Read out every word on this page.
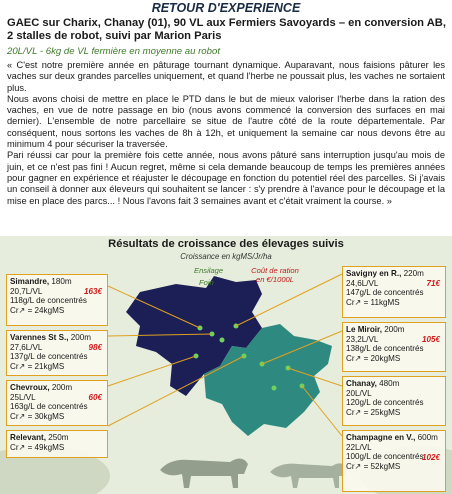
RETOUR D'EXPERIENCE
GAEC sur Charix, Chanay (01), 90 VL aux Fermiers Savoyards – en conversion AB, 2 stalles de robot, suivi par Marion Paris
20L/VL - 6kg de VL fermière en moyenne au robot

« C'est notre première année en pâturage tournant dynamique. Auparavant, nous faisions pâturer les vaches sur deux grandes parcelles uniquement, et quand l'herbe ne poussait plus, les vaches ne sortaient plus.

Nous avons choisi de mettre en place le PTD dans le but de mieux valoriser l'herbe dans la ration des vaches, en vue de notre passage en bio (nous avons commencé la conversion des surfaces en mai dernier). L'ensemble de notre parcellaire se situe de l'autre côté de la route départementale. Par conséquent, nous sortons les vaches de 8h à 12h, et uniquement la semaine car nous devons être au minimum 4 pour sécuriser la traversée.

Pari réussi car pour la première fois cette année, nous avons pâturé sans interruption jusqu'au mois de juin, et ce n'est pas fini ! Aucun regret, même si cela demande beaucoup de temps les premières années pour gagner en expérience et réajuster le découpage en fonction du potentiel réel des parcelles. Si j'avais un conseil à donner aux éleveurs qui souhaitent se lancer : s'y prendre à l'avance pour le découpage et la mise en place des parcs... ! Nous l'avons fait 3 semaines avant et c'était vraiment la course. »

Résultats de croissance des élevages suivis
Croissance en kgMS/Jr/ha
Ensilage
Foin
Coût de ration en €/1000L
Simandre, 180m
20,7L/VL
118g/L de concentrés
Cr↗ = 24kgMS
163€
Varennes St S., 200m
27,6L/VL
137g/L de concentrés
Cr↗ = 21kgMS
98€
Chevroux, 200m
25L/VL
163g/L de concentrés
Cr↗ = 30kgMS
60€
Relevant, 250m
Cr↗ = 49kgMS
Savigny en R., 220m
24,6L/VL
147g/L de concentrés
Cr↗ = 11kgMS
71€
Le Miroir, 200m
23,2L/VL
138g/L de concentrés
Cr↗ = 20kgMS
105€
Chanay, 480m
20L/VL
120g/L de concentrés
Cr↗ = 25kgMS
Champagne en V., 600m
22L/VL
100g/L de concentrés
Cr↗ = 52kgMS
102€
